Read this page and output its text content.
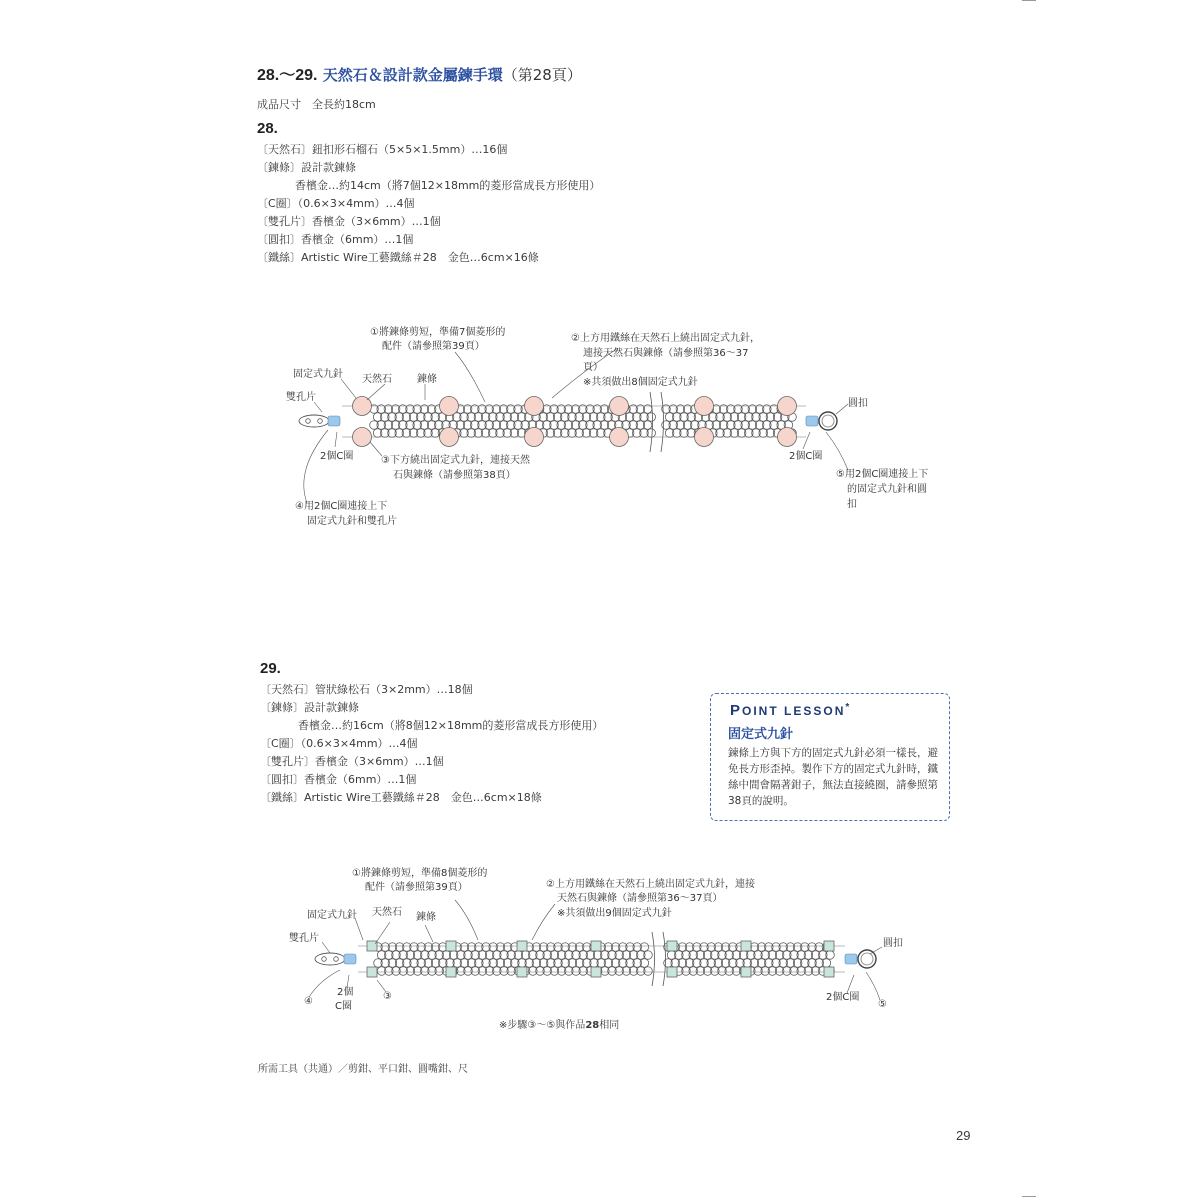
28.～29. 天然石＆設計款金屬鍊手環（第28頁）
成品尺寸　全長約18cm
28.
〔天然石〕鈕扣形石榴石（5×5×1.5mm）…16個
〔鍊條〕設計款鍊條
香檳金…約14cm（將7個12×18mm的菱形當成長方形使用）
〔C圈〕（0.6×3×4mm）…4個
〔雙孔片〕香檳金（3×6mm）…1個
〔圓扣〕香檳金（6mm）…1個
〔鐵絲〕Artistic Wire工藝鐵絲＃28　金色…6cm×16條
①將鍊條剪短，準備7個菱形的
配件（請參照第39頁）
②上方用鐵絲在天然石上繞出固定式九針，
連接天然石與鍊條（請參照第36～37
頁）
※共須做出8個固定式九針
固定式九針 天然石	鍊條
雙孔片
圓扣
2個C圈	2個C圈
③下方繞出固定式九針，連接天然
石與鍊條（請參照第38頁）	⑤用2個C圈連接上下
的固定式九針和圓
扣
④用2個C圈連接上下
固定式九針和雙孔片
29.
〔天然石〕管狀綠松石（3×2mm）…18個
〔鍊條〕設計款鍊條
香檳金…約16cm（將8個12×18mm的菱形當成長方形使用）
〔C圈〕（0.6×3×4mm）…4個
〔雙孔片〕香檳金（3×6mm）…1個
〔圓扣〕香檳金（6mm）…1個
〔鐵絲〕Artistic Wire工藝鐵絲＃28　金色…6cm×18條
POINT LESSON*
固定式九針
鍊條上方與下方的固定式九針必須一樣長，避免長方形歪掉。製作下方的固定式九針時，鐵絲中間會隔著鉗子，無法直接繞圈，請參照第38頁的說明。
①將鍊條剪短，準備8個菱形的
配件（請參照第39頁）	②上方用鐵絲在天然石上繞出固定式九針，連接
天然石與鍊條（請參照第36～37頁）
※共須做出9個固定式九針
固定式九針 天然石 鍊條
雙孔片	圓扣
④
2個
C圈
③	2個C圈
⑤
※步驟③～⑤與作品28相同
所需工具（共通）／剪鉗、平口鉗、圓嘴鉗、尺
29
